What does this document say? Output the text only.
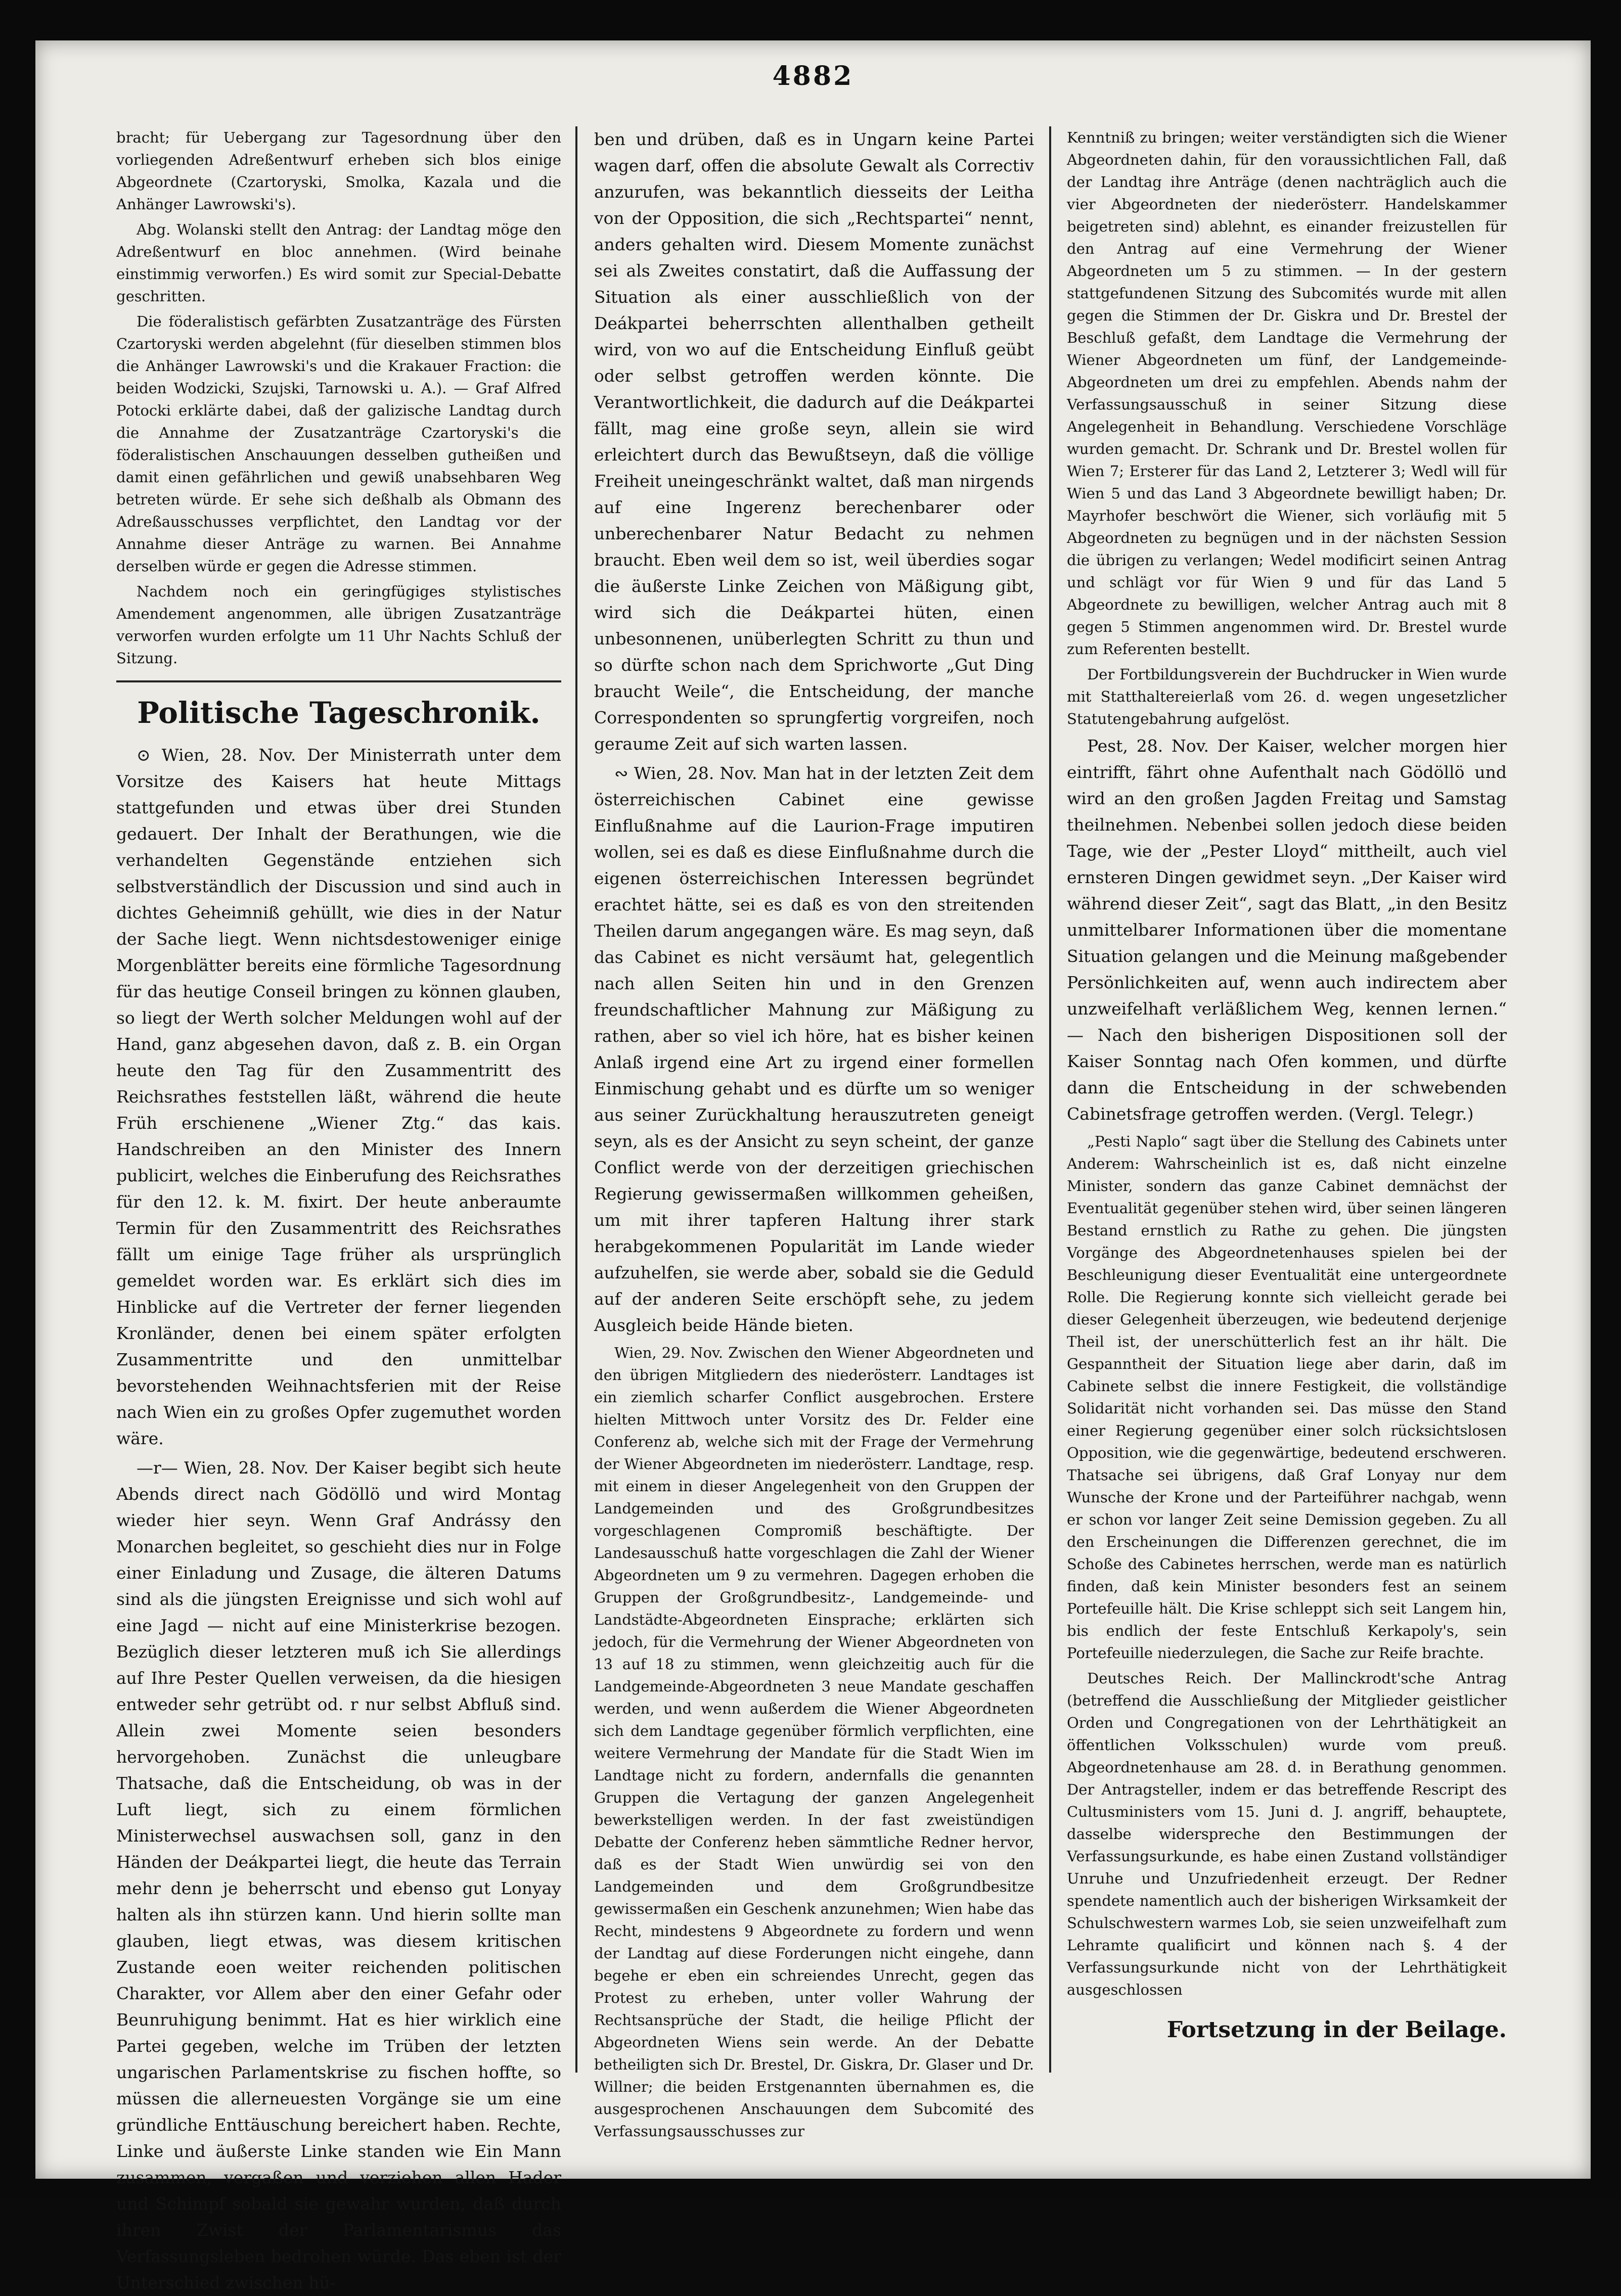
4882

bracht; für Uebergang zur Tagesordnung über den vorliegenden Adreßentwurf erheben sich blos einige Abgeordnete (Czartoryski, Smolka, Kazala und die Anhänger Lawrowski's).

Abg. Wolanski stellt den Antrag: der Landtag möge den Adreßentwurf en bloc annehmen. (Wird beinahe einstimmig verworfen.) Es wird somit zur Special-Debatte geschritten.

Die föderalistisch gefärbten Zusatzanträge des Fürsten Czartoryski werden abgelehnt (für dieselben stimmen blos die Anhänger Lawrowski's und die Krakauer Fraction: die beiden Wodzicki, Szujski, Tarnowski u. A.). — Graf Alfred Potocki erklärte dabei, daß der galizische Landtag durch die Annahme der Zusatzanträge Czartoryski's die föderalistischen Anschauungen desselben gutheißen und damit einen gefährlichen und gewiß unabsehbaren Weg betreten würde. Er sehe sich deßhalb als Obmann des Adreßausschusses verpflichtet, den Landtag vor der Annahme dieser Anträge zu warnen. Bei Annahme derselben würde er gegen die Adresse stimmen.

Nachdem noch ein geringfügiges stylistisches Amendement angenommen, alle übrigen Zusatzanträge verworfen wurden erfolgte um 11 Uhr Nachts Schluß der Sitzung.

Politische Tageschronik.

⊙ Wien, 28. Nov. Der Ministerrath unter dem Vorsitze des Kaisers hat heute Mittags stattgefunden und etwas über drei Stunden gedauert. Der Inhalt der Berathungen, wie die verhandelten Gegenstände entziehen sich selbstverständlich der Discussion und sind auch in dichtes Geheimniß gehüllt, wie dies in der Natur der Sache liegt. Wenn nichtsdestoweniger einige Morgenblätter bereits eine förmliche Tagesordnung für das heutige Conseil bringen zu können glauben, so liegt der Werth solcher Meldungen wohl auf der Hand, ganz abgesehen davon, daß z. B. ein Organ heute den Tag für den Zusammentritt des Reichsrathes feststellen läßt, während die heute Früh erschienene „Wiener Ztg.“ das kais. Handschreiben an den Minister des Innern publicirt, welches die Einberufung des Reichsrathes für den 12. k. M. fixirt. Der heute anberaumte Termin für den Zusammentritt des Reichsrathes fällt um einige Tage früher als ursprünglich gemeldet worden war. Es erklärt sich dies im Hinblicke auf die Vertreter der ferner liegenden Kronländer, denen bei einem später erfolgten Zusammentritte und den unmittelbar bevorstehenden Weihnachtsferien mit der Reise nach Wien ein zu großes Opfer zugemuthet worden wäre.

—r— Wien, 28. Nov. Der Kaiser begibt sich heute Abends direct nach Gödöllö und wird Montag wieder hier seyn. Wenn Graf Andrássy den Monarchen begleitet, so geschieht dies nur in Folge einer Einladung und Zusage, die älteren Datums sind als die jüngsten Ereignisse und sich wohl auf eine Jagd — nicht auf eine Ministerkrise bezogen. Bezüglich dieser letzteren muß ich Sie allerdings auf Ihre Pester Quellen verweisen, da die hiesigen entweder sehr getrübt od. r nur selbst Abfluß sind. Allein zwei Momente seien besonders hervorgehoben. Zunächst die unleugbare Thatsache, daß die Entscheidung, ob was in der Luft liegt, sich zu einem förmlichen Ministerwechsel auswachsen soll, ganz in den Händen der Deákpartei liegt, die heute das Terrain mehr denn je beherrscht und ebenso gut Lonyay halten als ihn stürzen kann. Und hierin sollte man glauben, liegt etwas, was diesem kritischen Zustande eoen weiter reichenden politischen Charakter, vor Allem aber den einer Gefahr oder Beunruhigung benimmt. Hat es hier wirklich eine Partei gegeben, welche im Trüben der letzten ungarischen Parlamentskrise zu fischen hoffte, so müssen die allerneuesten Vorgänge sie um eine gründliche Enttäuschung bereichert haben. Rechte, Linke und äußerste Linke standen wie Ein Mann zusammen, vergaßen und verziehen allen Hader und Schimpf sobald sie gewahr wurden, daß durch ihren Zwist der Parlamentarismus das Verfassungsleben bedrohen würde. Das eben ist der Unterschied zwischen hü-

ben und drüben, daß es in Ungarn keine Partei wagen darf, offen die absolute Gewalt als Correctiv anzurufen, was bekanntlich diesseits der Leitha von der Opposition, die sich „Rechtspartei“ nennt, anders gehalten wird. Diesem Momente zunächst sei als Zweites constatirt, daß die Auffassung der Situation als einer ausschließlich von der Deákpartei beherrschten allenthalben getheilt wird, von wo auf die Entscheidung Einfluß geübt oder selbst getroffen werden könnte. Die Verantwortlichkeit, die dadurch auf die Deákpartei fällt, mag eine große seyn, allein sie wird erleichtert durch das Bewußtseyn, daß die völlige Freiheit uneingeschränkt waltet, daß man nirgends auf eine Ingerenz berechenbarer oder unberechenbarer Natur Bedacht zu nehmen braucht. Eben weil dem so ist, weil überdies sogar die äußerste Linke Zeichen von Mäßigung gibt, wird sich die Deákpartei hüten, einen unbesonnenen, unüberlegten Schritt zu thun und so dürfte schon nach dem Sprichworte „Gut Ding braucht Weile“, die Entscheidung, der manche Correspondenten so sprungfertig vorgreifen, noch geraume Zeit auf sich warten lassen.

∾ Wien, 28. Nov. Man hat in der letzten Zeit dem österreichischen Cabinet eine gewisse Einflußnahme auf die Laurion-Frage imputiren wollen, sei es daß es diese Einflußnahme durch die eigenen österreichischen Interessen begründet erachtet hätte, sei es daß es von den streitenden Theilen darum angegangen wäre. Es mag seyn, daß das Cabinet es nicht versäumt hat, gelegentlich nach allen Seiten hin und in den Grenzen freundschaftlicher Mahnung zur Mäßigung zu rathen, aber so viel ich höre, hat es bisher keinen Anlaß irgend eine Art zu irgend einer formellen Einmischung gehabt und es dürfte um so weniger aus seiner Zurückhaltung herauszutreten geneigt seyn, als es der Ansicht zu seyn scheint, der ganze Conflict werde von der derzeitigen griechischen Regierung gewissermaßen willkommen geheißen, um mit ihrer tapferen Haltung ihrer stark herabgekommenen Popularität im Lande wieder aufzuhelfen, sie werde aber, sobald sie die Geduld auf der anderen Seite erschöpft sehe, zu jedem Ausgleich beide Hände bieten.

Wien, 29. Nov. Zwischen den Wiener Abgeordneten und den übrigen Mitgliedern des niederösterr. Landtages ist ein ziemlich scharfer Conflict ausgebrochen. Erstere hielten Mittwoch unter Vorsitz des Dr. Felder eine Conferenz ab, welche sich mit der Frage der Vermehrung der Wiener Abgeordneten im niederösterr. Landtage, resp. mit einem in dieser Angelegenheit von den Gruppen der Landgemeinden und des Großgrundbesitzes vorgeschlagenen Compromiß beschäftigte. Der Landesausschuß hatte vorgeschlagen die Zahl der Wiener Abgeordneten um 9 zu vermehren. Dagegen erhoben die Gruppen der Großgrundbesitz-, Landgemeinde- und Landstädte-Abgeordneten Einsprache; erklärten sich jedoch, für die Vermehrung der Wiener Abgeordneten von 13 auf 18 zu stimmen, wenn gleichzeitig auch für die Landgemeinde-Abgeordneten 3 neue Mandate geschaffen werden, und wenn außerdem die Wiener Abgeordneten sich dem Landtage gegenüber förmlich verpflichten, eine weitere Vermehrung der Mandate für die Stadt Wien im Landtage nicht zu fordern, andernfalls die genannten Gruppen die Vertagung der ganzen Angelegenheit bewerkstelligen werden. In der fast zweistündigen Debatte der Conferenz heben sämmtliche Redner hervor, daß es der Stadt Wien unwürdig sei von den Landgemeinden und dem Großgrundbesitze gewissermaßen ein Geschenk anzunehmen; Wien habe das Recht, mindestens 9 Abgeordnete zu fordern und wenn der Landtag auf diese Forderungen nicht eingehe, dann begehe er eben ein schreiendes Unrecht, gegen das Protest zu erheben, unter voller Wahrung der Rechtsansprüche der Stadt, die heilige Pflicht der Abgeordneten Wiens sein werde. An der Debatte betheiligten sich Dr. Brestel, Dr. Giskra, Dr. Glaser und Dr. Willner; die beiden Erstgenannten übernahmen es, die ausgesprochenen Anschauungen dem Subcomité des Verfassungsausschusses zur

Kenntniß zu bringen; weiter verständigten sich die Wiener Abgeordneten dahin, für den voraussichtlichen Fall, daß der Landtag ihre Anträge (denen nachträglich auch die vier Abgeordneten der niederösterr. Handelskammer beigetreten sind) ablehnt, es einander freizustellen für den Antrag auf eine Vermehrung der Wiener Abgeordneten um 5 zu stimmen. — In der gestern stattgefundenen Sitzung des Subcomités wurde mit allen gegen die Stimmen der Dr. Giskra und Dr. Brestel der Beschluß gefaßt, dem Landtage die Vermehrung der Wiener Abgeordneten um fünf, der Landgemeinde-Abgeordneten um drei zu empfehlen. Abends nahm der Verfassungsausschuß in seiner Sitzung diese Angelegenheit in Behandlung. Verschiedene Vorschläge wurden gemacht. Dr. Schrank und Dr. Brestel wollen für Wien 7; Ersterer für das Land 2, Letzterer 3; Wedl will für Wien 5 und das Land 3 Abgeordnete bewilligt haben; Dr. Mayrhofer beschwört die Wiener, sich vorläufig mit 5 Abgeordneten zu begnügen und in der nächsten Session die übrigen zu verlangen; Wedel modificirt seinen Antrag und schlägt vor für Wien 9 und für das Land 5 Abgeordnete zu bewilligen, welcher Antrag auch mit 8 gegen 5 Stimmen angenommen wird. Dr. Brestel wurde zum Referenten bestellt.

Der Fortbildungsverein der Buchdrucker in Wien wurde mit Statthaltereierlaß vom 26. d. wegen ungesetzlicher Statutengebahrung aufgelöst.

Pest, 28. Nov. Der Kaiser, welcher morgen hier eintrifft, fährt ohne Aufenthalt nach Gödöllö und wird an den großen Jagden Freitag und Samstag theilnehmen. Nebenbei sollen jedoch diese beiden Tage, wie der „Pester Lloyd“ mittheilt, auch viel ernsteren Dingen gewidmet seyn. „Der Kaiser wird während dieser Zeit“, sagt das Blatt, „in den Besitz unmittelbarer Informationen über die momentane Situation gelangen und die Meinung maßgebender Persönlichkeiten auf, wenn auch indirectem aber unzweifelhaft verläßlichem Weg, kennen lernen.“ — Nach den bisherigen Dispositionen soll der Kaiser Sonntag nach Ofen kommen, und dürfte dann die Entscheidung in der schwebenden Cabinetsfrage getroffen werden. (Vergl. Telegr.)

„Pesti Naplo“ sagt über die Stellung des Cabinets unter Anderem: Wahrscheinlich ist es, daß nicht einzelne Minister, sondern das ganze Cabinet demnächst der Eventualität gegenüber stehen wird, über seinen längeren Bestand ernstlich zu Rathe zu gehen. Die jüngsten Vorgänge des Abgeordnetenhauses spielen bei der Beschleunigung dieser Eventualität eine untergeordnete Rolle. Die Regierung konnte sich vielleicht gerade bei dieser Gelegenheit überzeugen, wie bedeutend derjenige Theil ist, der unerschütterlich fest an ihr hält. Die Gespanntheit der Situation liege aber darin, daß im Cabinete selbst die innere Festigkeit, die vollständige Solidarität nicht vorhanden sei. Das müsse den Stand einer Regierung gegenüber einer solch rücksichtslosen Opposition, wie die gegenwärtige, bedeutend erschweren. Thatsache sei übrigens, daß Graf Lonyay nur dem Wunsche der Krone und der Parteiführer nachgab, wenn er schon vor langer Zeit seine Demission gegeben. Zu all den Erscheinungen die Differenzen gerechnet, die im Schoße des Cabinetes herrschen, werde man es natürlich finden, daß kein Minister besonders fest an seinem Portefeuille hält. Die Krise schleppt sich seit Langem hin, bis endlich der feste Entschluß Kerkapoly's, sein Portefeuille niederzulegen, die Sache zur Reife brachte.

Deutsches Reich. Der Mallinckrodt'sche Antrag (betreffend die Ausschließung der Mitglieder geistlicher Orden und Congregationen von der Lehrthätigkeit an öffentlichen Volksschulen) wurde vom preuß. Abgeordnetenhause am 28. d. in Berathung genommen. Der Antragsteller, indem er das betreffende Rescript des Cultusministers vom 15. Juni d. J. angriff, behauptete, dasselbe widerspreche den Bestimmungen der Verfassungsurkunde, es habe einen Zustand vollständiger Unruhe und Unzufriedenheit erzeugt. Der Redner spendete namentlich auch der bisherigen Wirksamkeit der Schulschwestern warmes Lob, sie seien unzweifelhaft zum Lehramte qualificirt und können nach §. 4 der Verfassungsurkunde nicht von der Lehrthätigkeit ausgeschlossen

Fortsetzung in der Beilage.
